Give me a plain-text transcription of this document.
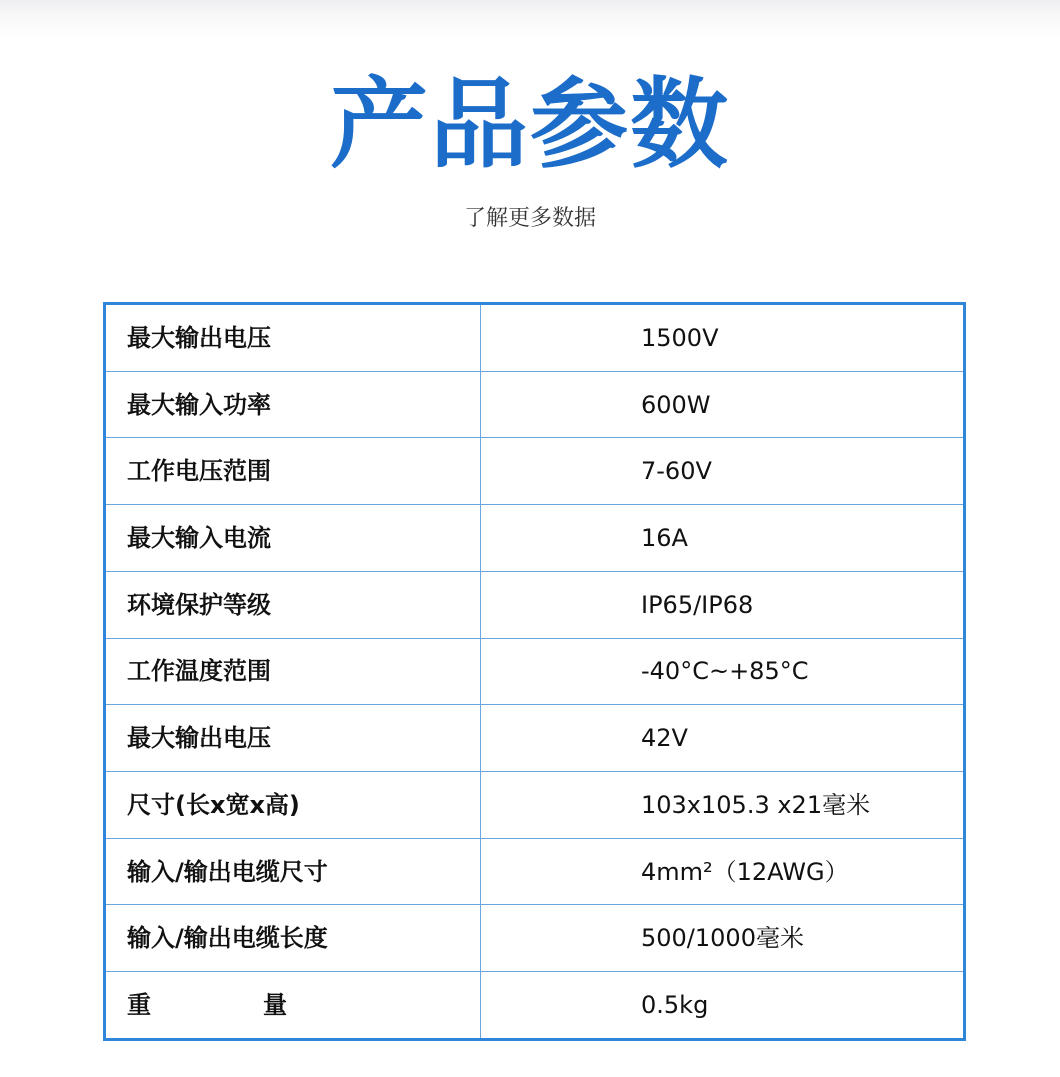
产品参数
了解更多数据
最大输出电压	1500V
最大输入功率	600W
工作电压范围	7-60V
最大输入电流	16A
环境保护等级	IP65/IP68
工作温度范围	-40°C~+85°C
最大输出电压	42V
尺寸(长x宽x高)	103x105.3 x21毫米
输入/输出电缆尺寸	4mm²（12AWG）
输入/输出电缆长度	500/1000毫米
重　　　量	0.5kg
